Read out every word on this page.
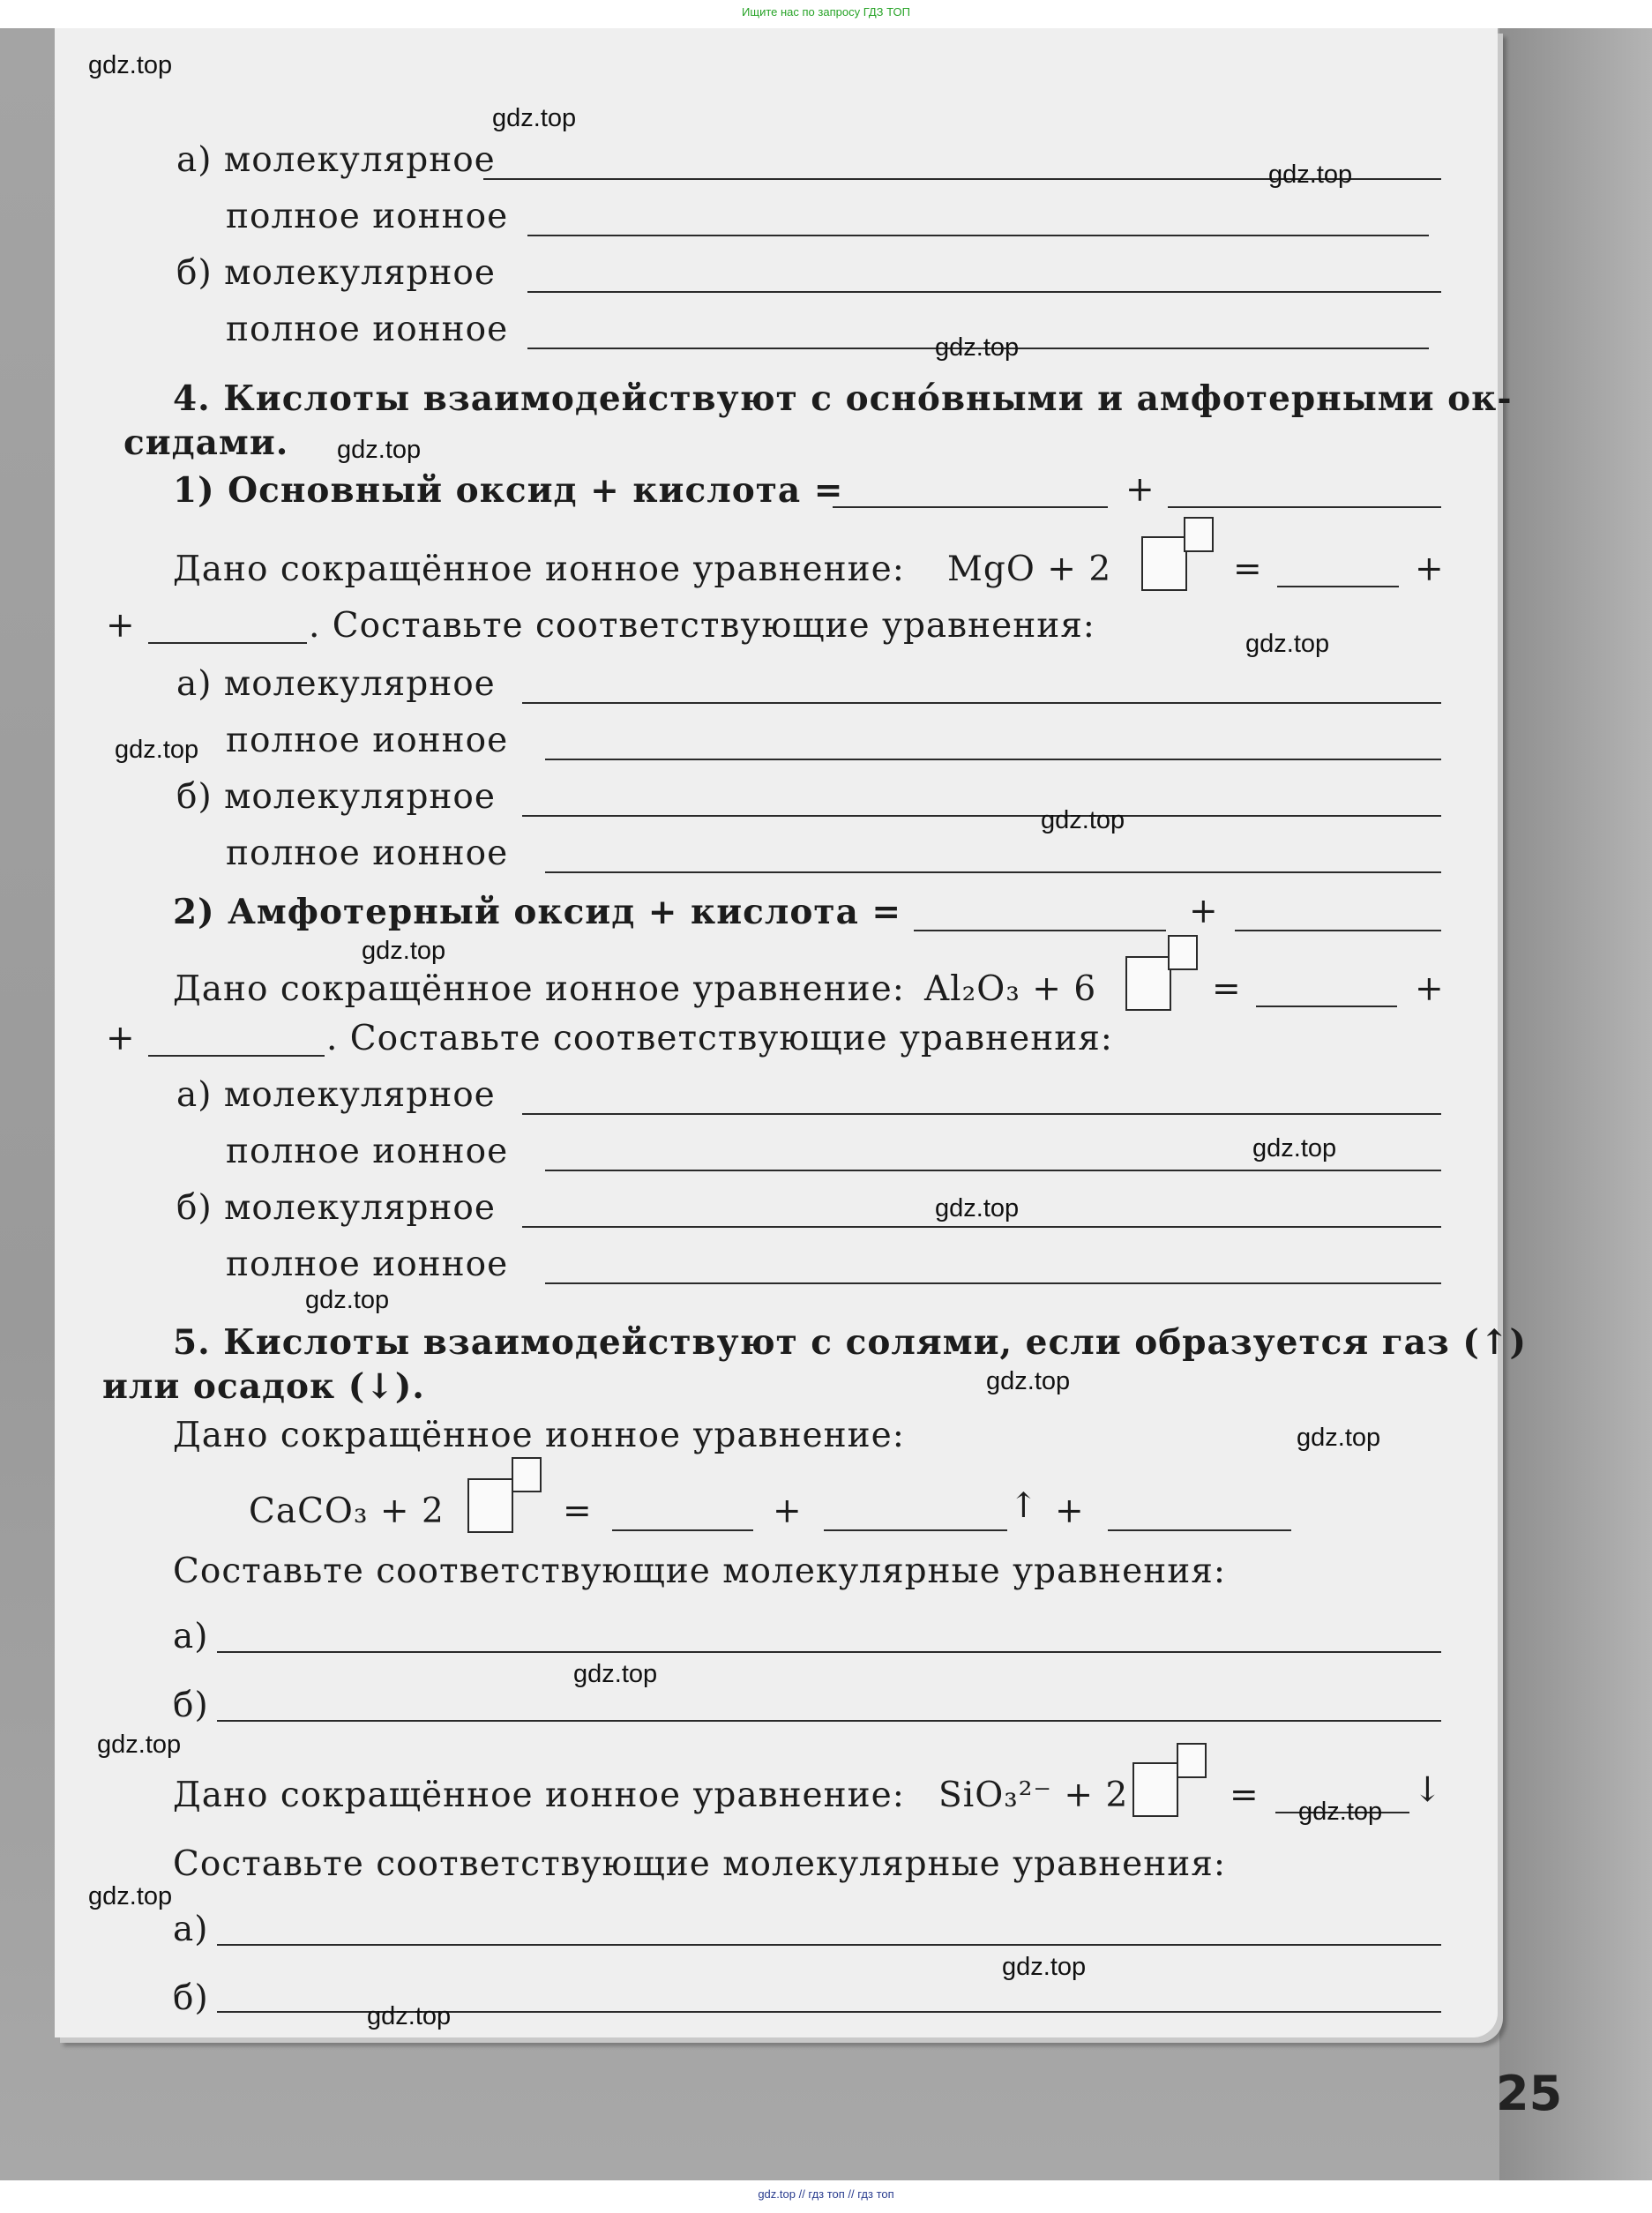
Ищите нас по запросу ГДЗ ТОП
25
а) молекулярное
полное ионное
б) молекулярное
полное ионное
4. Кислоты взаимодействуют с осно́вными и амфотерными ок-
сидами.
1) Основный оксид + кислота =	+
Дано сокращённое ионное уравнение: MgO + 2	=	+
+	. Составьте соответствующие уравнения:
а) молекулярное
полное ионное
б) молекулярное
полное ионное
2) Амфотерный оксид + кислота =	+
Дано сокращённое ионное уравнение: Al₂O₃ + 6	=	+
+	. Составьте соответствующие уравнения:
а) молекулярное
полное ионное
б) молекулярное
полное ионное
5. Кислоты взаимодействуют с солями, если образуется газ (↑)
или осадок (↓).
Дано сокращённое ионное уравнение:
CaCO₃ + 2	=	+	↑ +
Составьте соответствующие молекулярные уравнения:
а)
б)
Дано сокращённое ионное уравнение: SiO₃²⁻ + 2	=	↓
Составьте соответствующие молекулярные уравнения:
а)
б)
gdz.top
gdz.top
gdz.top
gdz.top
gdz.top
gdz.top
gdz.top
gdz.top
gdz.top
gdz.top
gdz.top
gdz.top
gdz.top
gdz.top
gdz.top
gdz.top
gdz.top
gdz.top
gdz.top
gdz.top
gdz.top // гдз топ // гдз топ
